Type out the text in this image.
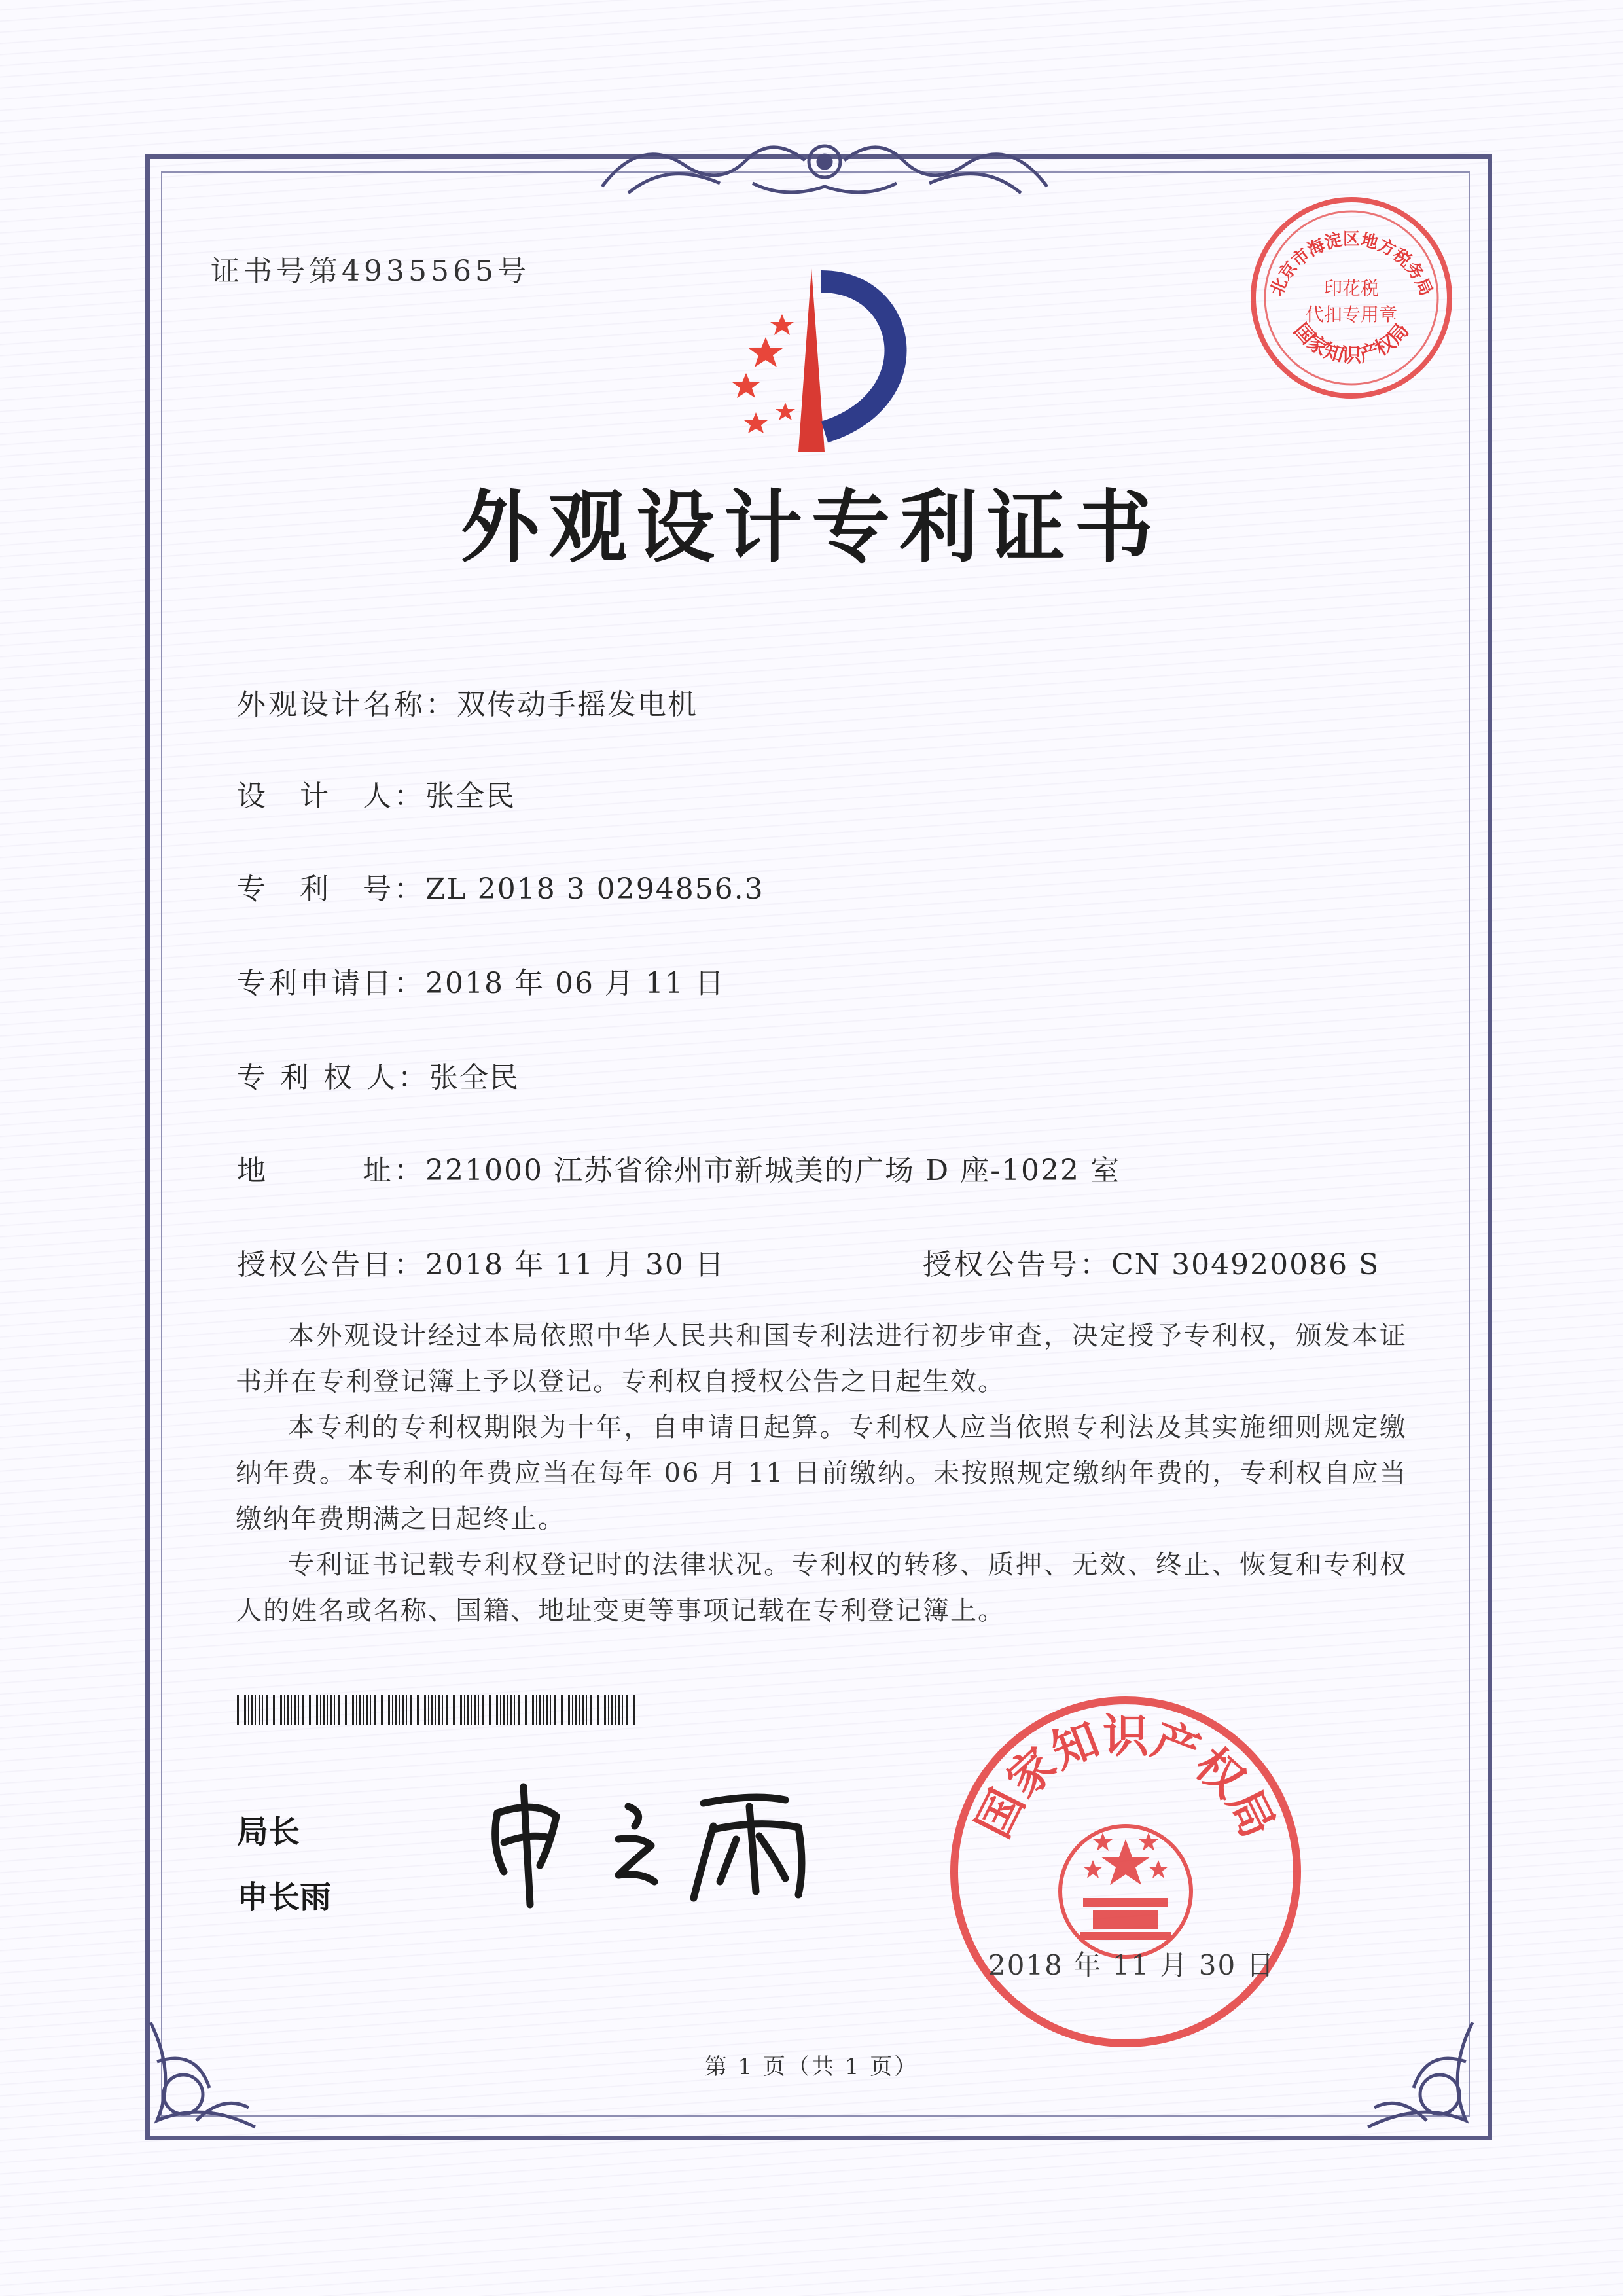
证书号第4935565号	北京市海淀区地方税务局
印花税
代扣专用章
国家知识产权局
外观设计专利证书
外观设计名称：双传动手摇发电机
设　计　人：张全民
专　利　号：ZL 2018 3 0294856.3
专利申请日：2018 年 06 月 11 日
专 利 权 人：张全民
地　　　址：221000 江苏省徐州市新城美的广场 D 座-1022 室
授权公告日：2018 年 11 月 30 日	授权公告号：CN 304920086 S
本外观设计经过本局依照中华人民共和国专利法进行初步审查，决定授予专利权，颁发本证书并在专利登记簿上予以登记。专利权自授权公告之日起生效。
本专利的专利权期限为十年，自申请日起算。专利权人应当依照专利法及其实施细则规定缴纳年费。本专利的年费应当在每年 06 月 11 日前缴纳。未按照规定缴纳年费的，专利权自应当缴纳年费期满之日起终止。
专利证书记载专利权登记时的法律状况。专利权的转移、质押、无效、终止、恢复和专利权人的姓名或名称、国籍、地址变更等事项记载在专利登记簿上。
局长
申长雨
国家知识产权局
2018 年 11 月 30 日
第 1 页（共 1 页）
